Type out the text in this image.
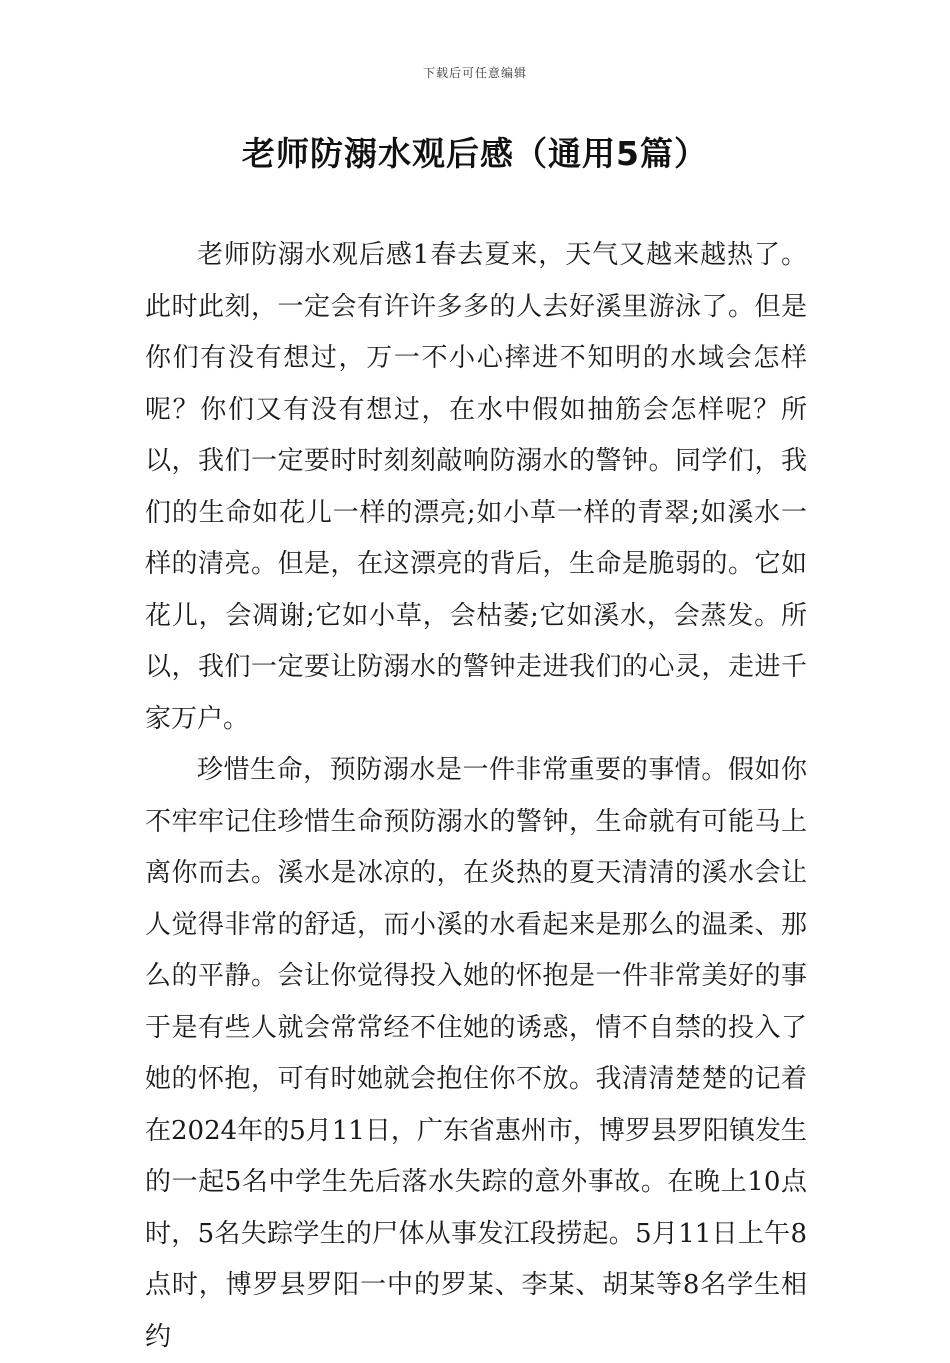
下载后可任意编辑
老师防溺水观后感（通用5篇）

老师防溺水观后感1春去夏来，天气又越来越热了。此时此刻，一定会有许许多多的人去好溪里游泳了。但是你们有没有想过，万一不小心摔进不知明的水域会怎样呢？你们又有没有想过，在水中假如抽筋会怎样呢？所以，我们一定要时时刻刻敲响防溺水的警钟。同学们，我们的生命如花儿一样的漂亮;如小草一样的青翠;如溪水一样的清亮。但是，在这漂亮的背后，生命是脆弱的。它如花儿，会凋谢;它如小草，会枯萎;它如溪水，会蒸发。所以，我们一定要让防溺水的警钟走进我们的心灵，走进千家万户。

珍惜生命，预防溺水是一件非常重要的事情。假如你不牢牢记住珍惜生命预防溺水的警钟，生命就有可能马上离你而去。溪水是冰凉的，在炎热的夏天清清的溪水会让人觉得非常的舒适，而小溪的水看起来是那么的温柔、那么的平静。会让你觉得投入她的怀抱是一件非常美好的事于是有些人就会常常经不住她的诱惑，情不自禁的投入了她的怀抱，可有时她就会抱住你不放。我清清楚楚的记着在2024年的5月11日，广东省惠州市，博罗县罗阳镇发生的一起5名中学生先后落水失踪的意外事故。在晚上10点时，5名失踪学生的尸体从事发江段捞起。5月11日上午8点时，博罗县罗阳一中的罗某、李某、胡某等8名学生相约
